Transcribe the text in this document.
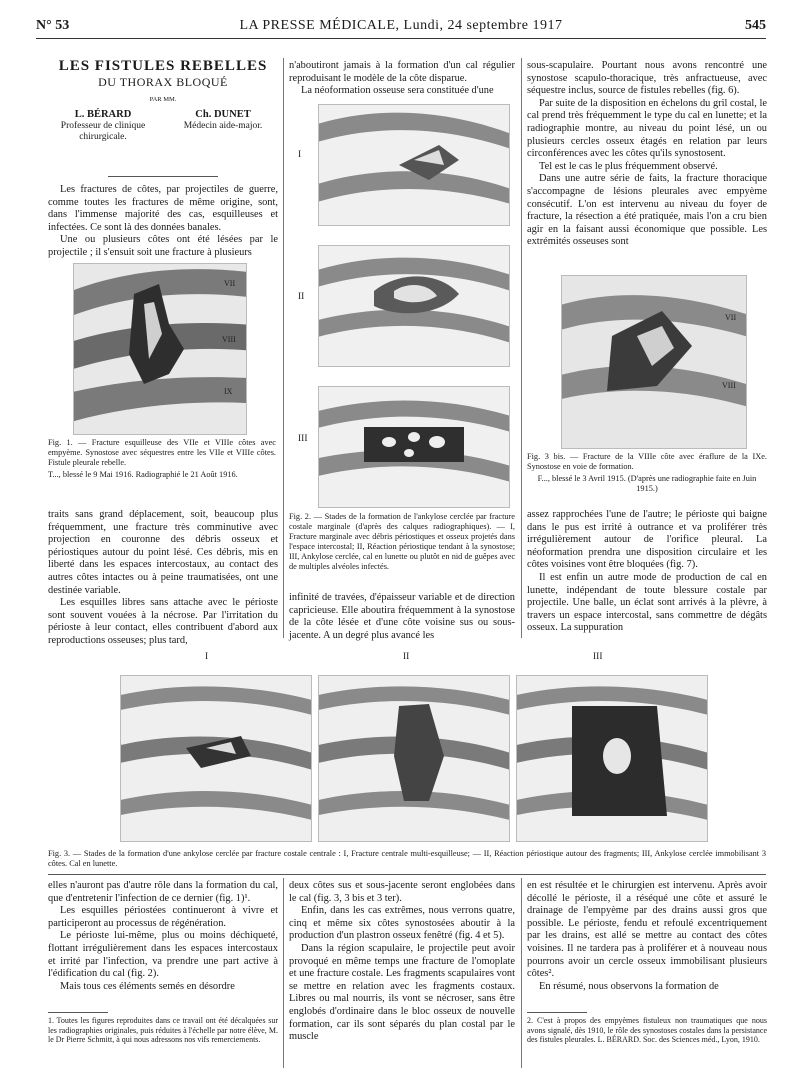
N° 53	LA PRESSE MÉDICALE, Lundi, 24 septembre 1917	545
LES FISTULES REBELLES
DU THORAX BLOQUÉ
PAR MM.
L. BÉRARD
Professeur de clinique chirurgicale.
Ch. DUNET
Médecin aide-major.

Les fractures de côtes, par projectiles de guerre, comme toutes les fractures de même origine, sont, dans l'immense majorité des cas, esquilleuses et infectées. Ce sont là des données banales.

Une ou plusieurs côtes ont été lésées par le projectile ; il s'ensuit soit une fracture à plusieurs

VII
VIII
IX
Fig. 1. — Fracture esquilleuse des VIIe et VIIIe côtes avec empyème. Synostose avec séquestres entre les VIIe et VIIIe côtes. Fistule pleurale rebelle.
T..., blessé le 9 Mai 1916. Radiographié le 21 Août 1916.

traits sans grand déplacement, soit, beaucoup plus fréquemment, une fracture très comminutive avec projection en couronne des débris osseux et périostiques autour du point lésé. Ces débris, mis en liberté dans les espaces intercostaux, au contact des autres côtes intactes ou à peine traumatisées, ont une destinée variable.

Les esquilles libres sans attache avec le périoste sont souvent vouées à la nécrose. Par l'irritation du périoste à leur contact, elles contribuent d'abord aux reproductions osseuses; plus tard,

n'aboutiront jamais à la formation d'un cal régulier reproduisant le modèle de la côte disparue.

La néoformation osseuse sera constituée d'une

I
II
III
Fig. 2. — Stades de la formation de l'ankylose cerclée par fracture costale marginale (d'après des calques radiographiques). — I, Fracture marginale avec débris périostiques et osseux projetés dans l'espace intercostal; II, Réaction périostique tendant à la synostose; III, Ankylose cerclée, cal en lunette ou plutôt en nid de guêpes avec de multiples alvéoles infectés.

infinité de travées, d'épaisseur variable et de direction capricieuse. Elle aboutira fréquemment à la synostose de la côte lésée et d'une côte voisine sus ou sous-jacente. A un degré plus avancé les

sous-scapulaire. Pourtant nous avons rencontré une synostose scapulo-thoracique, très anfractueuse, avec séquestre inclus, source de fistules rebelles (fig. 6).

Par suite de la disposition en échelons du gril costal, le cal prend très fréquemment le type du cal en lunette; et la radiographie montre, au niveau du point lésé, un ou plusieurs cercles osseux étagés en relation par leurs circonférences avec les côtes qu'ils synostosent.

Tel est le cas le plus fréquemment observé.

Dans une autre série de faits, la fracture thoracique s'accompagne de lésions pleurales avec empyème consécutif. L'on est intervenu au niveau du foyer de fracture, la résection a été pratiquée, mais l'on a cru bien agir en la faisant aussi économique que possible. Les extrémités osseuses sont

VII
VIII
Fig. 3 bis. — Fracture de la VIIIe côte avec éraflure de la IXe. Synostose en voie de formation.
F..., blessé le 3 Avril 1915. (D'après une radiographie faite en Juin 1915.)

assez rapprochées l'une de l'autre; le périoste qui baigne dans le pus est irrité à outrance et va proliférer très irrégulièrement autour de l'orifice pleural. La néoformation prendra une disposition circulaire et les côtes voisines vont être bloquées (fig. 7).

Il est enfin un autre mode de production de cal en lunette, indépendant de toute blessure costale par projectile. Une balle, un éclat sont arrivés à la plèvre, à travers un espace intercostal, sans commettre de dégâts osseux. La suppuration

I	II	III
Fig. 3. — Stades de la formation d'une ankylose cerclée par fracture costale centrale : I, Fracture centrale multi-esquilleuse; — II, Réaction périostique autour des fragments; III, Ankylose cerclée immobilisant 3 côtes. Cal en lunette.

elles n'auront pas d'autre rôle dans la formation du cal, que d'entretenir l'infection de ce dernier (fig. 1)¹.

Les esquilles périostées continueront à vivre et participeront au processus de régénération.

Le périoste lui-même, plus ou moins déchiqueté, flottant irrégulièrement dans les espaces intercostaux et irrité par l'infection, va prendre une part active à l'édification du cal (fig. 2).

Mais tous ces éléments semés en désordre

1. Toutes les figures reproduites dans ce travail ont été décalquées sur les radiographies originales, puis réduites à l'échelle par notre élève, M. le Dr Pierre Schmitt, à qui nous adressons nos vifs remerciements.

deux côtes sus et sous-jacente seront englobées dans le cal (fig. 3, 3 bis et 3 ter).

Enfin, dans les cas extrêmes, nous verrons quatre, cinq et même six côtes synostosées aboutir à la production d'un plastron osseux fenêtré (fig. 4 et 5).

Dans la région scapulaire, le projectile peut avoir provoqué en même temps une fracture de l'omoplate et une fracture costale. Les fragments scapulaires vont se mettre en relation avec les fragments costaux. Libres ou mal nourris, ils vont se nécroser, sans être englobés d'ordinaire dans le bloc osseux de nouvelle formation, car ils sont séparés du plan costal par le muscle

en est résultée et le chirurgien est intervenu. Après avoir décollé le périoste, il a réséqué une côte et assuré le drainage de l'empyème par des drains aussi gros que possible. Le périoste, fendu et refoulé excentriquement par les drains, est allé se mettre au contact des côtes voisines. Il ne tardera pas à proliférer et à nouveau nous pourrons avoir un cercle osseux immobilisant plusieurs côtes².

En résumé, nous observons la formation de

2. C'est à propos des empyèmes fistuleux non traumatiques que nous avons signalé, dès 1910, le rôle des synostoses costales dans la persistance des fistules pleurales. L. BÉRARD. Soc. des Sciences méd., Lyon, 1910.
